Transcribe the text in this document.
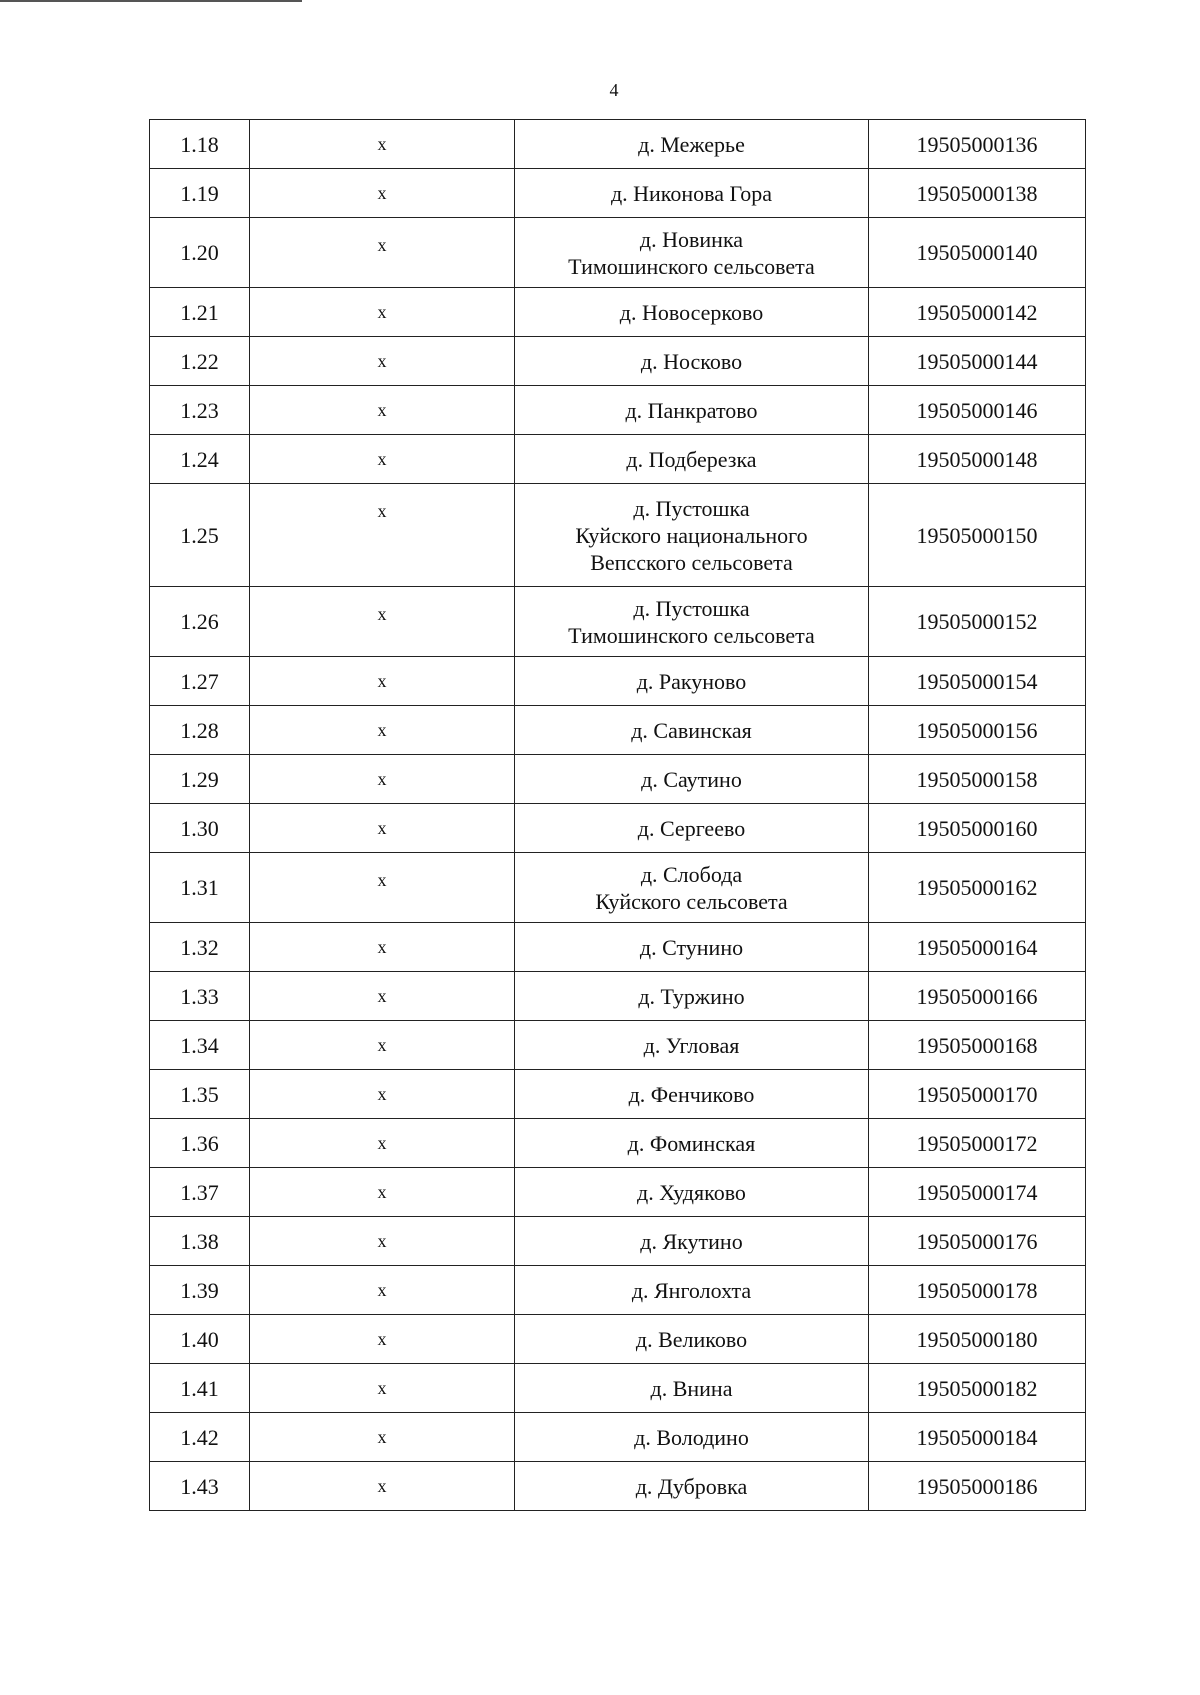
4
1.18	x	д. Межерье	19505000136
1.19	x	д. Никонова Гора	19505000138
1.20	x	д. Новинка
Тимошинского сельсовета	19505000140
1.21	x	д. Новосерково	19505000142
1.22	x	д. Носково	19505000144
1.23	x	д. Панкратово	19505000146
1.24	x	д. Подберезка	19505000148
1.25	x	д. Пустошка
Куйского национального
Вепсского сельсовета	19505000150
1.26	x	д. Пустошка
Тимошинского сельсовета	19505000152
1.27	x	д. Ракуново	19505000154
1.28	x	д. Савинская	19505000156
1.29	x	д. Саутино	19505000158
1.30	x	д. Сергеево	19505000160
1.31	x	д. Слобода
Куйского сельсовета	19505000162
1.32	x	д. Стунино	19505000164
1.33	x	д. Туржино	19505000166
1.34	x	д. Угловая	19505000168
1.35	x	д. Фенчиково	19505000170
1.36	x	д. Фоминская	19505000172
1.37	x	д. Худяково	19505000174
1.38	x	д. Якутино	19505000176
1.39	x	д. Янголохта	19505000178
1.40	x	д. Великово	19505000180
1.41	x	д. Внина	19505000182
1.42	x	д. Володино	19505000184
1.43	x	д. Дубровка	19505000186
